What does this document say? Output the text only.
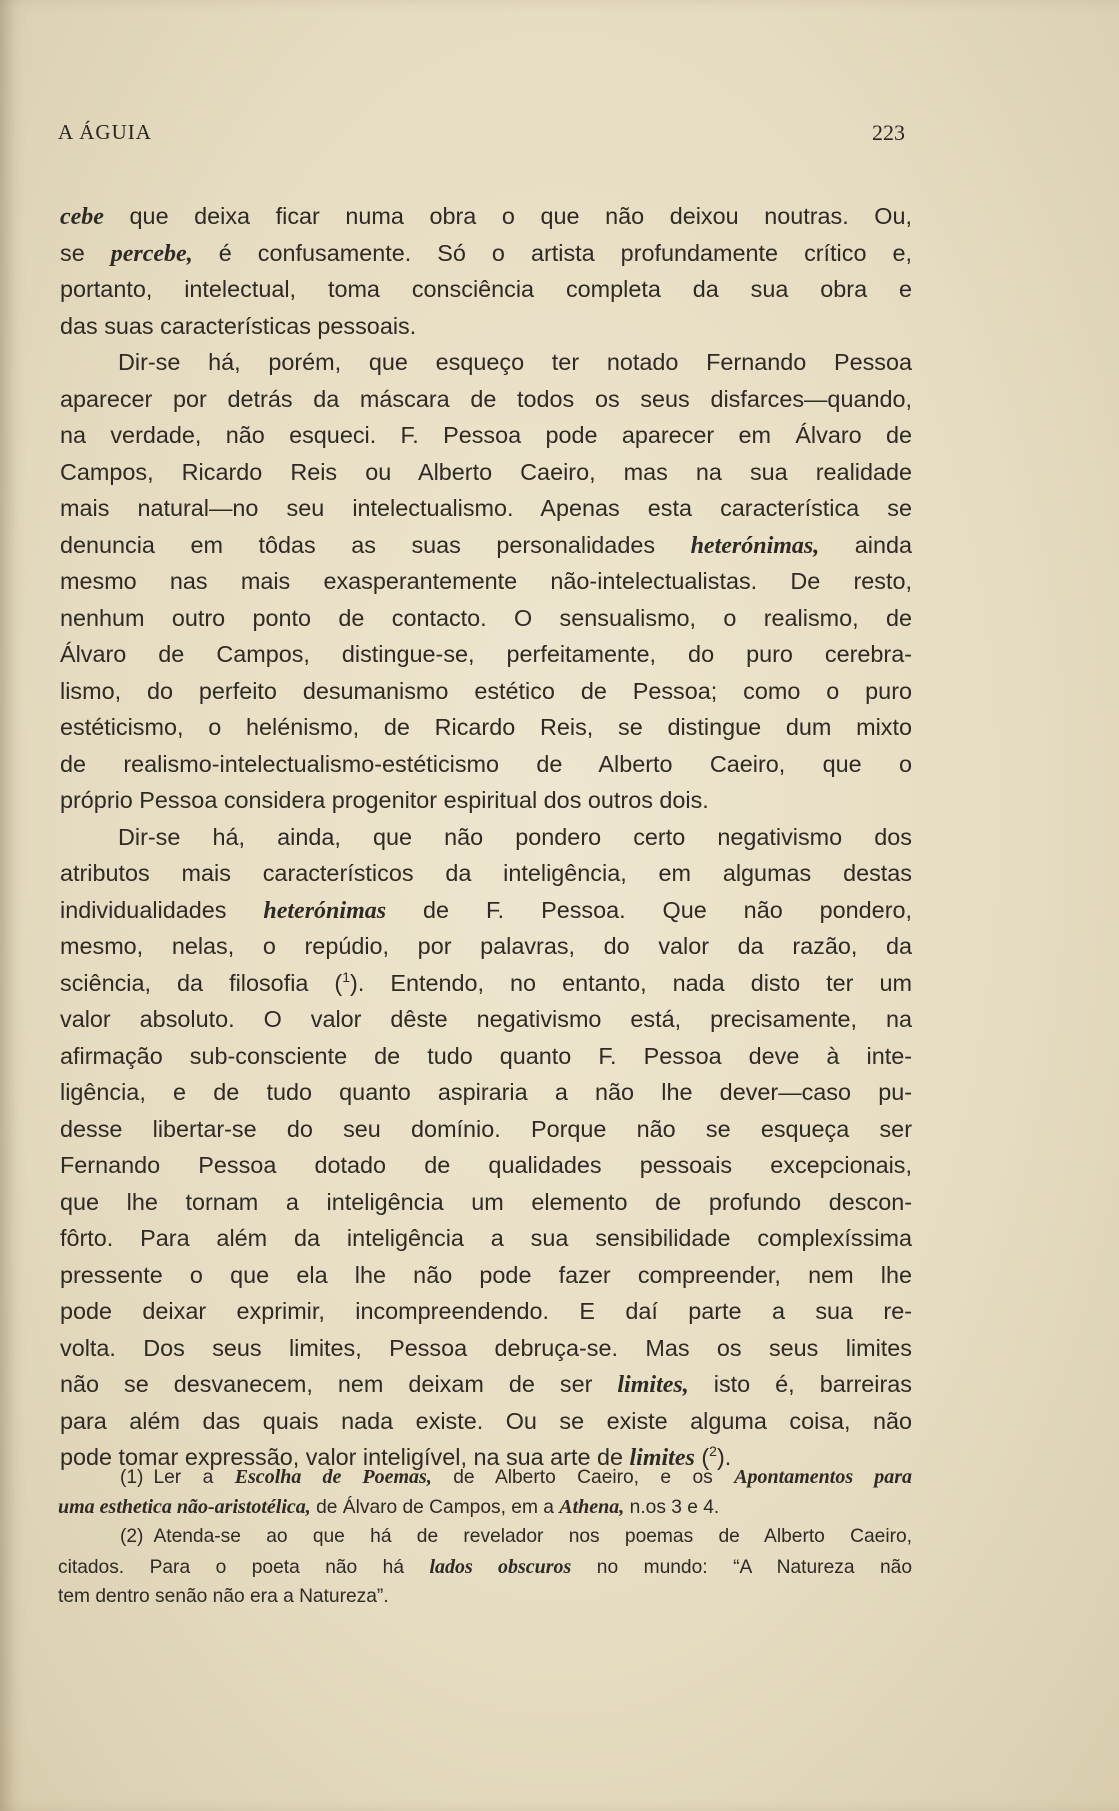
A ÁGUIA	223
cebe que deixa ficar numa obra o que não deixou noutras. Ou,
se percebe, é confusamente. Só o artista profundamente crítico e,
portanto, intelectual, toma consciência completa da sua obra e
das suas características pessoais.
Dir-se há, porém, que esqueço ter notado Fernando Pessoa
aparecer por detrás da máscara de todos os seus disfarces—quando,
na verdade, não esqueci. F. Pessoa pode aparecer em Álvaro de
Campos, Ricardo Reis ou Alberto Caeiro, mas na sua realidade
mais natural—no seu intelectualismo. Apenas esta característica se
denuncia em tôdas as suas personalidades heterónimas, ainda
mesmo nas mais exasperantemente não-intelectualistas. De resto,
nenhum outro ponto de contacto. O sensualismo, o realismo, de
Álvaro de Campos, distingue-se, perfeitamente, do puro cerebra-
lismo, do perfeito desumanismo estético de Pessoa; como o puro
estéticismo, o helénismo, de Ricardo Reis, se distingue dum mixto
de realismo-intelectualismo-estéticismo de Alberto Caeiro, que o
próprio Pessoa considera progenitor espiritual dos outros dois.
Dir-se há, ainda, que não pondero certo negativismo dos
atributos mais característicos da inteligência, em algumas destas
individualidades heterónimas de F. Pessoa. Que não pondero,
mesmo, nelas, o repúdio, por palavras, do valor da razão, da
sciência, da filosofia ($^1$). Entendo, no entanto, nada disto ter um
valor absoluto. O valor dêste negativismo está, precisamente, na
afirmação sub-consciente de tudo quanto F. Pessoa deve à inte-
ligência, e de tudo quanto aspiraria a não lhe dever—caso pu-
desse libertar-se do seu domínio. Porque não se esqueça ser
Fernando Pessoa dotado de qualidades pessoais excepcionais,
que lhe tornam a inteligência um elemento de profundo descon-
fôrto. Para além da inteligência a sua sensibilidade complexíssima
pressente o que ela lhe não pode fazer compreender, nem lhe
pode deixar exprimir, incompreendendo. E daí parte a sua re-
volta. Dos seus limites, Pessoa debruça-se. Mas os seus limites
não se desvanecem, nem deixam de ser limites, isto é, barreiras
para além das quais nada existe. Ou se existe alguma coisa, não
pode tomar expressão, valor inteligível, na sua arte de limites ($^2$).
(1) Ler a Escolha de Poemas, de Alberto Caeiro, e os Apontamentos para
uma esthetica não-aristotélica, de Álvaro de Campos, em a Athena, n.os 3 e 4.
(2) Atenda-se ao que há de revelador nos poemas de Alberto Caeiro,
citados. Para o poeta não há lados obscuros no mundo: “A Natureza não
tem dentro senão não era a Natureza”.
